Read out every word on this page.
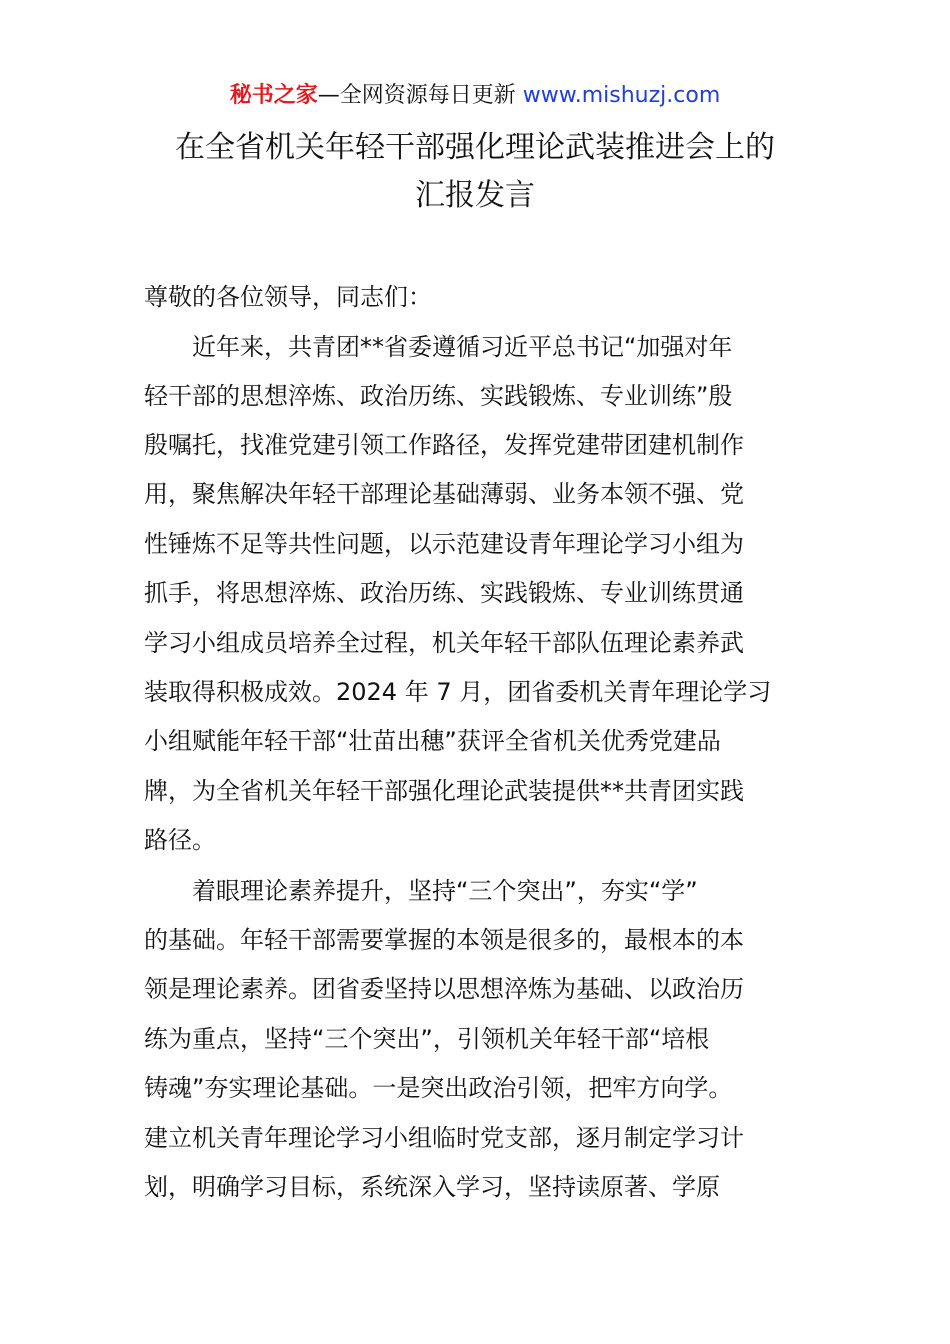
秘书之家—全网资源每日更新 www.mishuzj.com
在全省机关年轻干部强化理论武装推进会上的
汇报发言
尊敬的各位领导，同志们：
　　近年来，共青团**省委遵循习近平总书记“加强对年
轻干部的思想淬炼、政治历练、实践锻炼、专业训练”殷
殷嘱托，找准党建引领工作路径，发挥党建带团建机制作
用，聚焦解决年轻干部理论基础薄弱、业务本领不强、党
性锤炼不足等共性问题，以示范建设青年理论学习小组为
抓手，将思想淬炼、政治历练、实践锻炼、专业训练贯通
学习小组成员培养全过程，机关年轻干部队伍理论素养武
装取得积极成效。2024 年 7 月，团省委机关青年理论学习
小组赋能年轻干部“壮苗出穗”获评全省机关优秀党建品
牌，为全省机关年轻干部强化理论武装提供**共青团实践
路径。
　　着眼理论素养提升，坚持“三个突出”，夯实“学”
的基础。年轻干部需要掌握的本领是很多的，最根本的本
领是理论素养。团省委坚持以思想淬炼为基础、以政治历
练为重点，坚持“三个突出”，引领机关年轻干部“培根
铸魂”夯实理论基础。一是突出政治引领，把牢方向学。
建立机关青年理论学习小组临时党支部，逐月制定学习计
划，明确学习目标，系统深入学习，坚持读原著、学原
